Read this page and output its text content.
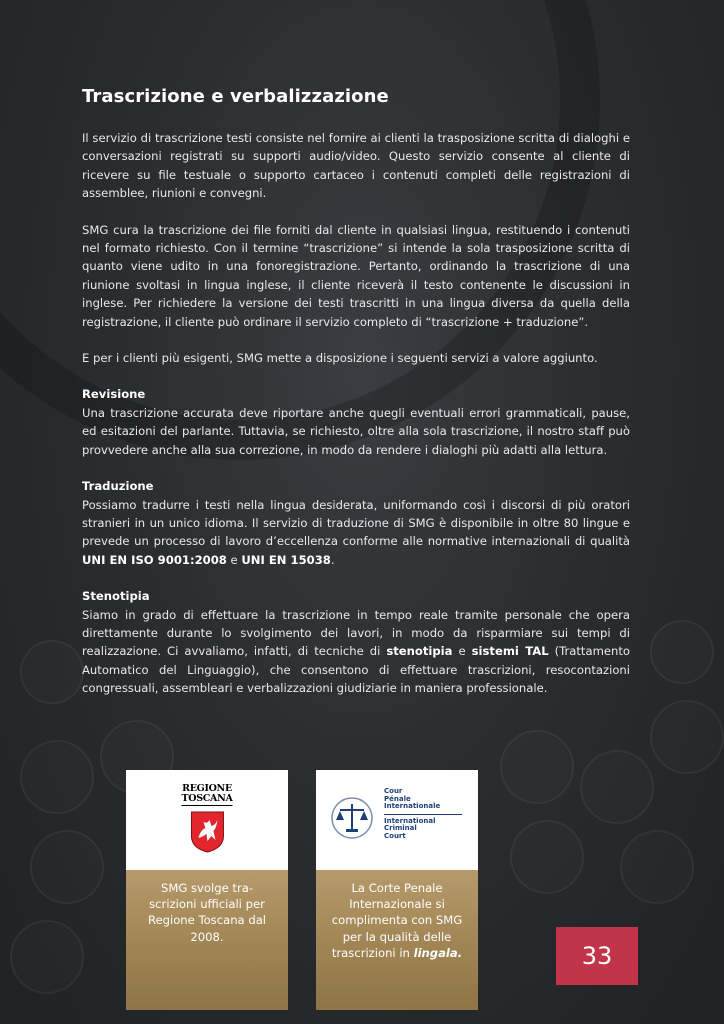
Trascrizione e verbalizzazione

Il servizio di trascrizione testi consiste nel fornire ai clienti la trasposizione scritta di dialoghi e conversazioni registrati su supporti audio/video. Questo servizio consente al cliente di ricevere su file testuale o supporto cartaceo i contenuti completi delle registrazioni di assemblee, riunioni e convegni.

SMG cura la trascrizione dei file forniti dal cliente in qualsiasi lingua, restituendo i contenuti nel formato richiesto. Con il termine “trascrizione” si intende la sola trasposizione scritta di quanto viene udito in una fonoregistrazione. Pertanto, ordinando la trascrizione di una riunione svoltasi in lingua inglese, il cliente riceverà il testo contenente le discussioni in inglese. Per richiedere la versione dei testi trascritti in una lingua diversa da quella della registrazione, il cliente può ordinare il servizio completo di “trascrizione + traduzione”.

E per i clienti più esigenti, SMG mette a disposizione i seguenti servizi a valore aggiunto.

Revisione
Una trascrizione accurata deve riportare anche quegli eventuali errori grammaticali, pause, ed esitazioni del parlante. Tuttavia, se richiesto, oltre alla sola trascrizione, il nostro staff può provvedere anche alla sua correzione, in modo da rendere i dialoghi più adatti alla lettura.

Traduzione
Possiamo tradurre i testi nella lingua desiderata, uniformando così i discorsi di più oratori stranieri in un unico idioma. Il servizio di traduzione di SMG è disponibile in oltre 80 lingue e prevede un processo di lavoro d’eccellenza conforme alle normative internazionali di qualità UNI EN ISO 9001:2008 e UNI EN 15038.

Stenotipia
Siamo in grado di effettuare la trascrizione in tempo reale tramite personale che opera direttamente durante lo svolgimento dei lavori, in modo da risparmiare sui tempi di realizzazione. Ci avvaliamo, infatti, di tecniche di stenotipia e sistemi TAL (Trattamento Automatico del Linguaggio), che consentono di effettuare trascrizioni, resocontazioni congressuali, assembleari e verbalizzazioni giudiziarie in maniera professionale.

REGIONE
TOSCANA
SMG svolge tra-scrizioni ufficiali per Regione Toscana dal 2008.
Cour
Pénale
Internationale
International
Criminal
Court
La Corte Penale Internazionale si complimenta con SMG per la qualità delle trascrizioni in lingala.	33
